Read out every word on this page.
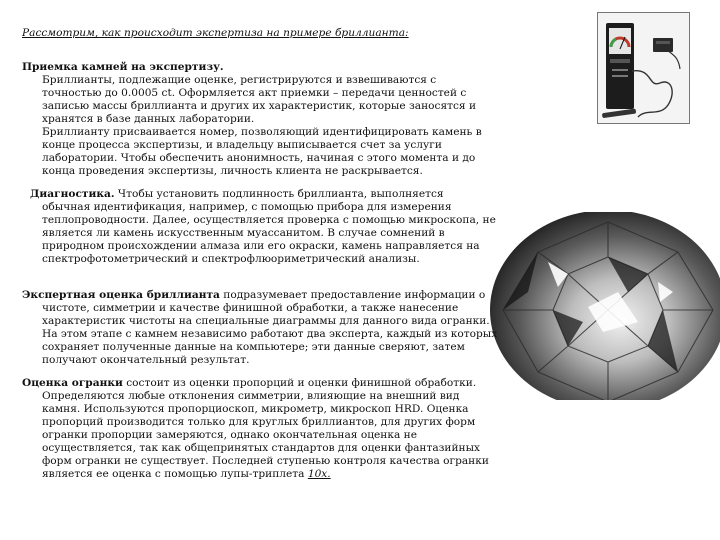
Рассмотрим, как происходит экспертиза на примере бриллианта:
Приемка камней на экспертизу.
Бриллианты, подлежащие оценке, регистрируются и взвешиваются с
точностью до 0.0005 ct. Оформляется акт приемки – передачи ценностей с
записью массы бриллианта и других их характеристик, которые заносятся и
хранятся в базе данных лаборатории.
Бриллианту присваивается номер, позволяющий идентифицировать камень в
конце процесса экспертизы, и владельцу выписывается счет за услуги
лаборатории. Чтобы обеспечить анонимность, начиная с этого момента и до
конца проведения экспертизы, личность клиента не раскрывается.
Диагностика. Чтобы установить подлинность бриллианта, выполняется
обычная идентификация, например, с помощью прибора для измерения
теплопроводности. Далее, осуществляется проверка с помощью микроскопа, не
является ли камень искусственным муассанитом. В случае сомнений в
природном происхождении алмаза или его окраски, камень направляется на
спектрофотометрический и спектрофлюориметрический анализы.
Экспертная оценка бриллианта подразумевает предоставление информации о
чистоте, симметрии и качестве финишной обработки, а также нанесение
характеристик чистоты на специальные диаграммы для данного вида огранки.
На этом этапе с камнем независимо работают два эксперта, каждый из которых
сохраняет полученные данные на компьютере; эти данные сверяют, затем
получают окончательный результат.
Оценка огранки состоит из оценки пропорций и оценки финишной обработки.
Определяются любые отклонения симметрии, влияющие на внешний вид
камня. Используются пропорциоскоп, микрометр, микроскоп HRD. Оценка
пропорций производится только для круглых бриллиантов, для других форм
огранки пропорции замеряются, однако окончательная оценка не
осуществляется, так как общепринятых стандартов для оценки фантазийных
форм огранки не существует. Последней ступенью контроля качества огранки
является ее оценка с помощью лупы-триплета 10х.
